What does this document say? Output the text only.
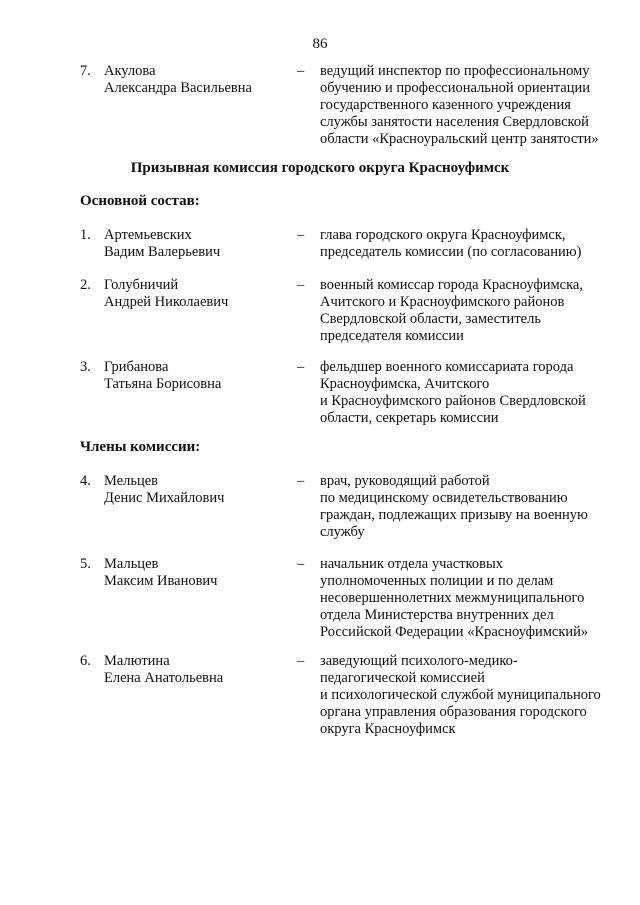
86
7. Акулова
Александра Васильевна
– ведущий инспектор по профессиональному
обучению и профессиональной ориентации
государственного казенного учреждения
службы занятости населения Свердловской
области «Красноуральский центр занятости»
Призывная комиссия городского округа Красноуфимск
Основной состав:
1. Артемьевских
Вадим Валерьевич
– глава городского округа Красноуфимск,
председатель комиссии (по согласованию)
2. Голубничий
Андрей Николаевич
– военный комиссар города Красноуфимска,
Ачитского и Красноуфимского районов
Свердловской области, заместитель
председателя комиссии
3. Грибанова
Татьяна Борисовна
– фельдшер военного комиссариата города
Красноуфимска, Ачитского
и Красноуфимского районов Свердловской
области, секретарь комиссии
Члены комиссии:
4. Мельцев
Денис Михайлович
– врач, руководящий работой
по медицинскому освидетельствованию
граждан, подлежащих призыву на военную
службу
5. Мальцев
Максим Иванович
– начальник отдела участковых
уполномоченных полиции и по делам
несовершеннолетних межмуниципального
отдела Министерства внутренних дел
Российской Федерации «Красноуфимский»
6. Малютина
Елена Анатольевна
– заведующий психолого-медико-
педагогической комиссией
и психологической службой муниципального
органа управления образования городского
округа Красноуфимск
